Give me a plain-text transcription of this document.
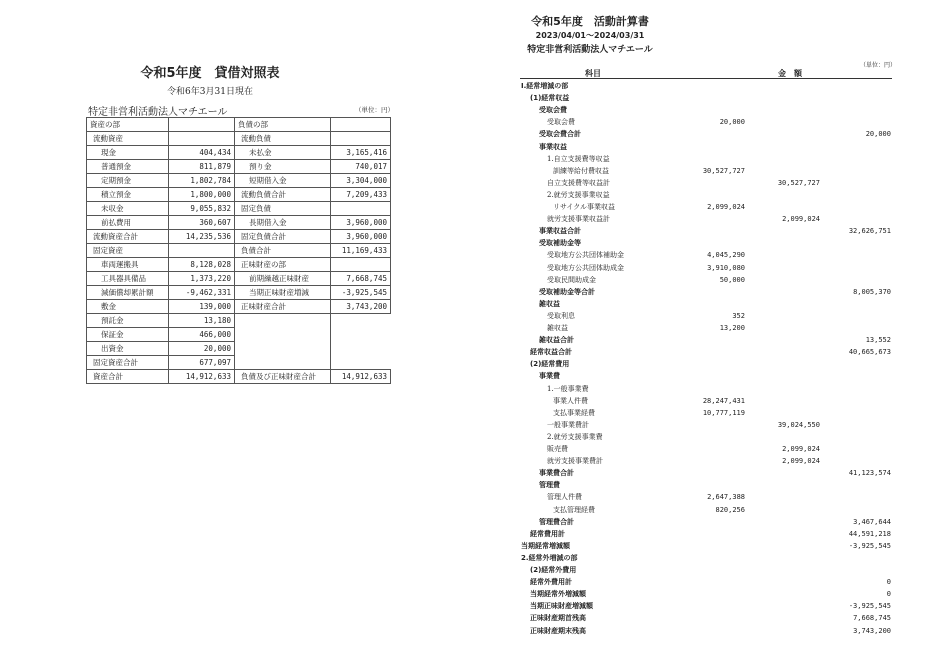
令和5年度　貸借対照表
令和6年3月31日現在
特定非営利活動法人マチエール	（単位：円）
資産の部		負債の部	
流動資産		流動負債	
現金	404,434	未払金	3,165,416
普通預金	811,879	預り金	740,017
定期預金	1,802,784	短期借入金	3,304,000
積立預金	1,800,000	流動負債合計	7,209,433
未収金	9,055,832	固定負債	
前払費用	360,607	長期借入金	3,960,000
流動資産合計	14,235,536	固定負債合計	3,960,000
固定資産		負債合計	11,169,433
車両運搬具	8,128,028	正味財産の部	
工具器具備品	1,373,220	前期繰越正味財産	7,668,745
減価償却累計額	-9,462,331	当期正味財産増減	-3,925,545
敷金	139,000	正味財産合計	3,743,200
預託金	13,180		
保証金	466,000		
出資金	20,000		
固定資産合計	677,097		
資産合計	14,912,633	負債及び正味財産合計	14,912,633
令和5年度　活動計算書
2023/04/01～2024/03/31
特定非営利活動法人マチエール
（単位：円）
科目	金　額
Ⅰ.経常増減の部
(1)経常収益
受取会費
受取会費	20,000
受取会費合計	20,000
事業収益
1.自立支援費等収益
訓練等給付費収益	30,527,727
自立支援費等収益計	30,527,727
2.就労支援事業収益
リサイクル事業収益	2,099,024
就労支援事業収益計	2,099,024
事業収益合計	32,626,751
受取補助金等
受取地方公共団体補助金	4,045,290
受取地方公共団体助成金	3,910,080
受取民間助成金	50,000
受取補助金等合計	8,005,370
雑収益
受取利息	352
雑収益	13,200
雑収益合計	13,552
経常収益合計	40,665,673
(2)経常費用
事業費
1.一般事業費
事業人件費	28,247,431
支払事業経費	10,777,119
一般事業費計	39,024,550
2.就労支援事業費
販売費	2,099,024
就労支援事業費計	2,099,024
事業費合計	41,123,574
管理費
管理人件費	2,647,388
支払管理経費	820,256
管理費合計	3,467,644
経常費用計	44,591,218
当期経常増減額	-3,925,545
2.経常外増減の部
(2)経常外費用
経常外費用計	0
当期経常外増減額	0
当期正味財産増減額	-3,925,545
正味財産期首残高	7,668,745
正味財産期末残高	3,743,200
